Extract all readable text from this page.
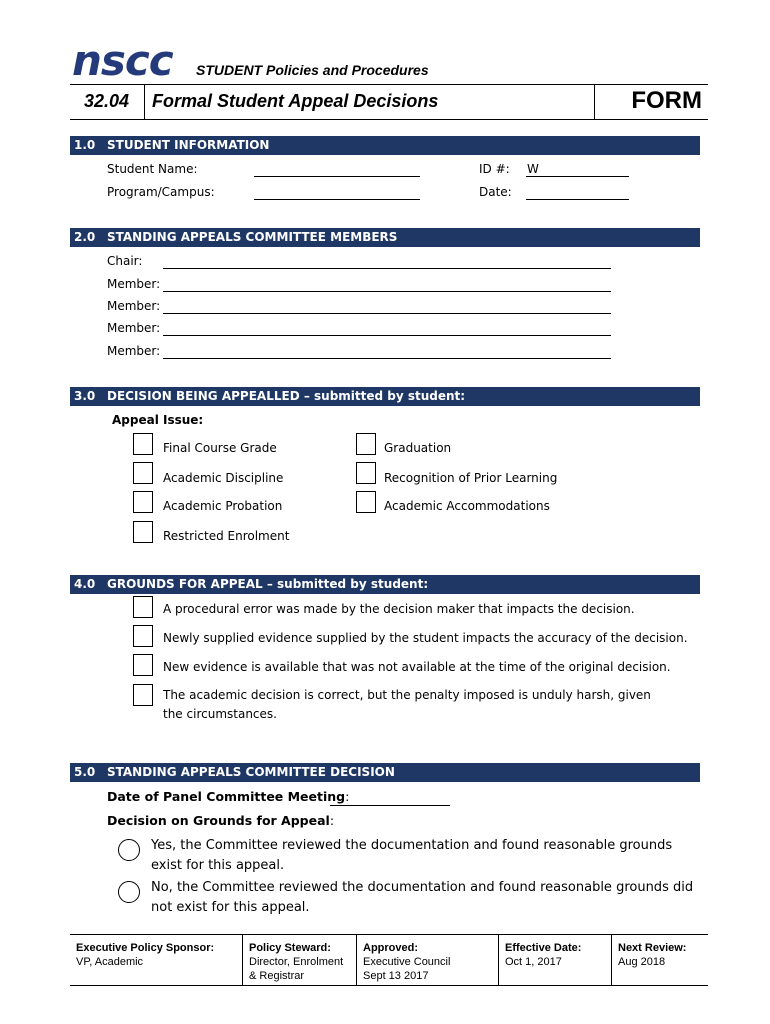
nscc STUDENT Policies and Procedures
32.04 Formal Student Appeal Decisions	FORM
1.0 STUDENT INFORMATION
Student Name:
Program/Campus:
ID #: W
Date:
2.0 STANDING APPEALS COMMITTEE MEMBERS
Chair:
Member:
Member:
Member:
Member:
3.0 DECISION BEING APPEALLED – submitted by student:
Appeal Issue:
Final Course Grade
Academic Discipline
Academic Probation
Restricted Enrolment
Graduation
Recognition of Prior Learning
Academic Accommodations
4.0 GROUNDS FOR APPEAL – submitted by student:
A procedural error was made by the decision maker that impacts the decision.
Newly supplied evidence supplied by the student impacts the accuracy of the decision.
New evidence is available that was not available at the time of the original decision.
The academic decision is correct, but the penalty imposed is unduly harsh, given the circumstances.
5.0 STANDING APPEALS COMMITTEE DECISION
Date of Panel Committee Meeting:
Decision on Grounds for Appeal:
Yes, the Committee reviewed the documentation and found reasonable grounds exist for this appeal.
No, the Committee reviewed the documentation and found reasonable grounds did not exist for this appeal.
Executive Policy Sponsor:
VP, Academic
Policy Steward:
Director, Enrolment & Registrar
Approved:
Executive Council
Sept 13 2017
Effective Date:
Oct 1, 2017
Next Review:
Aug 2018
